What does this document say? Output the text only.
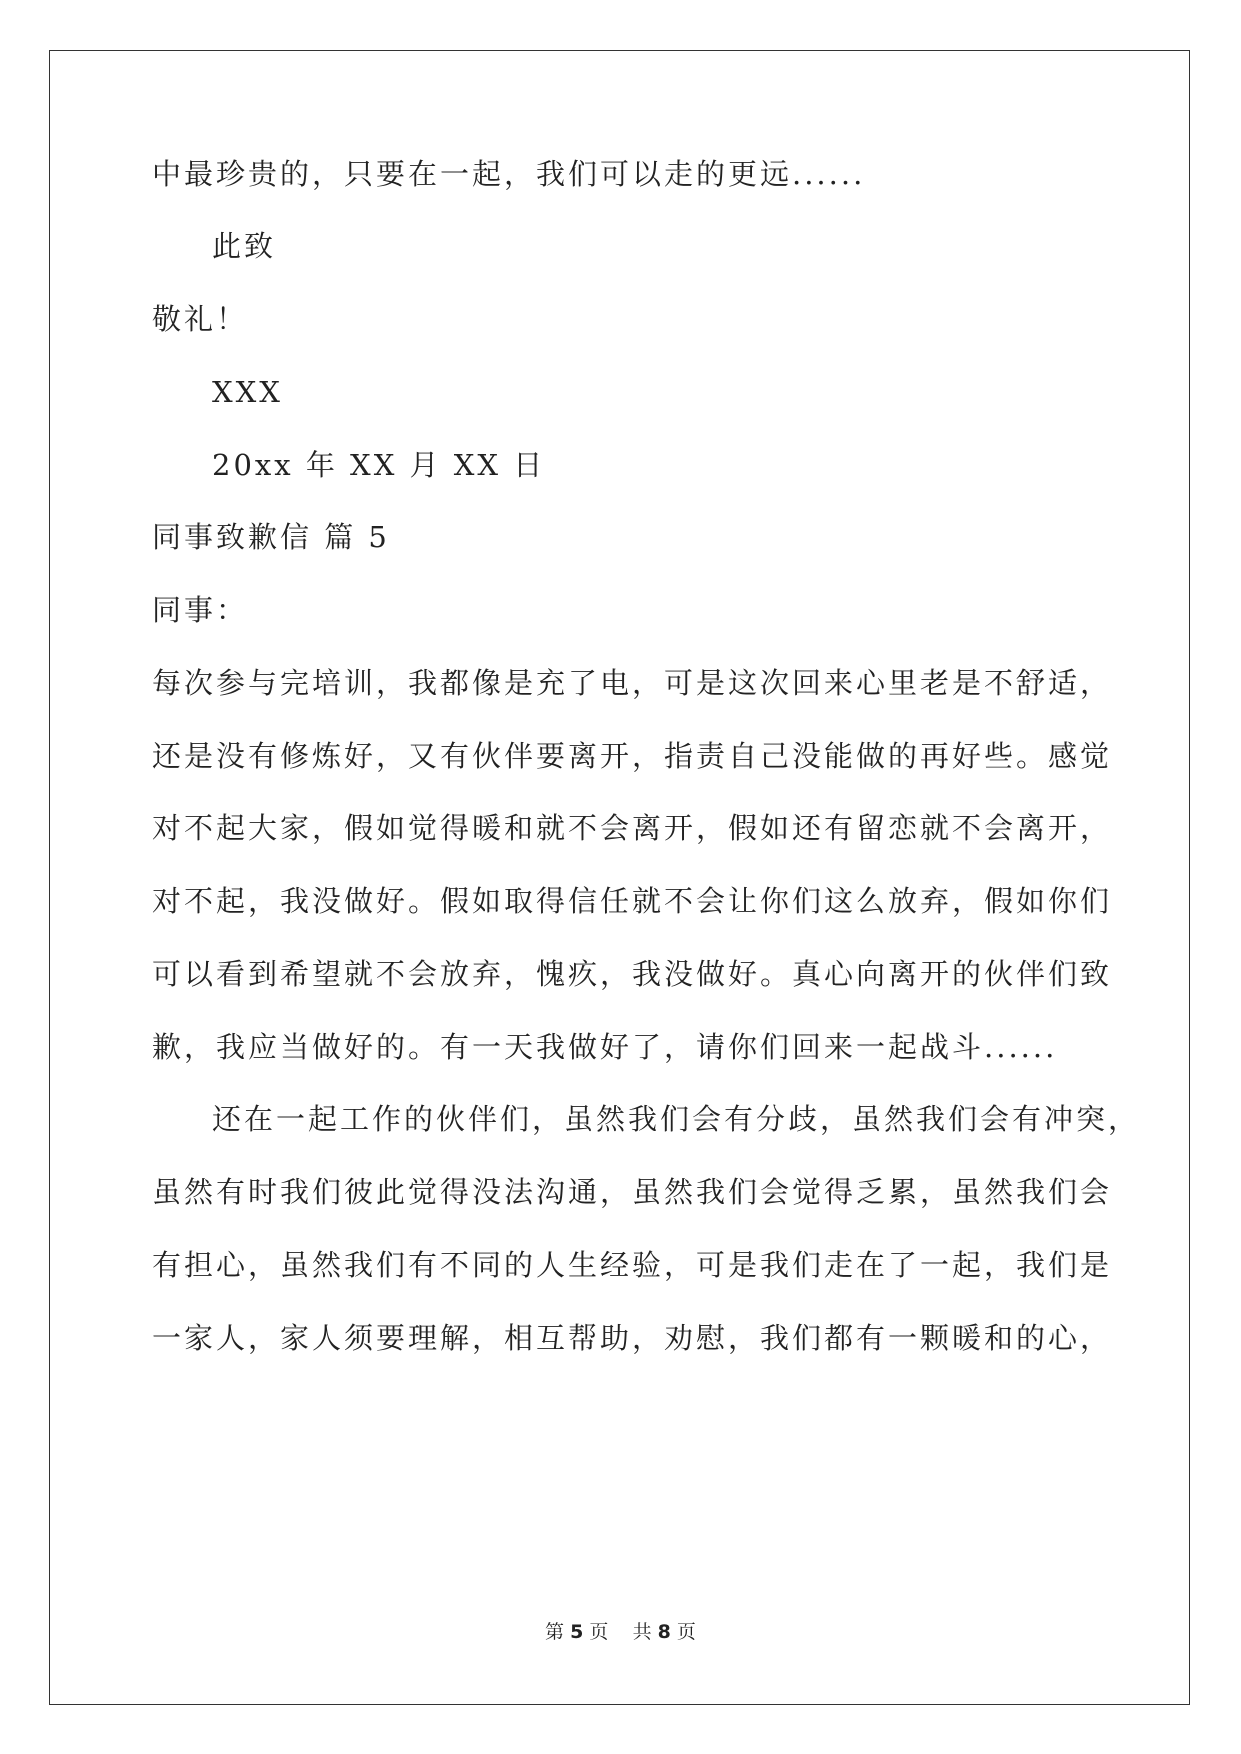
中最珍贵的，只要在一起，我们可以走的更远......
此致
敬礼！
XXX
20xx 年 XX 月 XX 日
同事致歉信 篇 5
同事：
每次参与完培训，我都像是充了电，可是这次回来心里老是不舒适，
还是没有修炼好，又有伙伴要离开，指责自己没能做的再好些。感觉
对不起大家，假如觉得暖和就不会离开，假如还有留恋就不会离开，
对不起，我没做好。假如取得信任就不会让你们这么放弃，假如你们
可以看到希望就不会放弃，愧疚，我没做好。真心向离开的伙伴们致
歉，我应当做好的。有一天我做好了，请你们回来一起战斗......
还在一起工作的伙伴们，虽然我们会有分歧，虽然我们会有冲突，
虽然有时我们彼此觉得没法沟通，虽然我们会觉得乏累，虽然我们会
有担心，虽然我们有不同的人生经验，可是我们走在了一起，我们是
一家人，家人须要理解，相互帮助，劝慰，我们都有一颗暖和的心，
第 5 页 共 8 页
